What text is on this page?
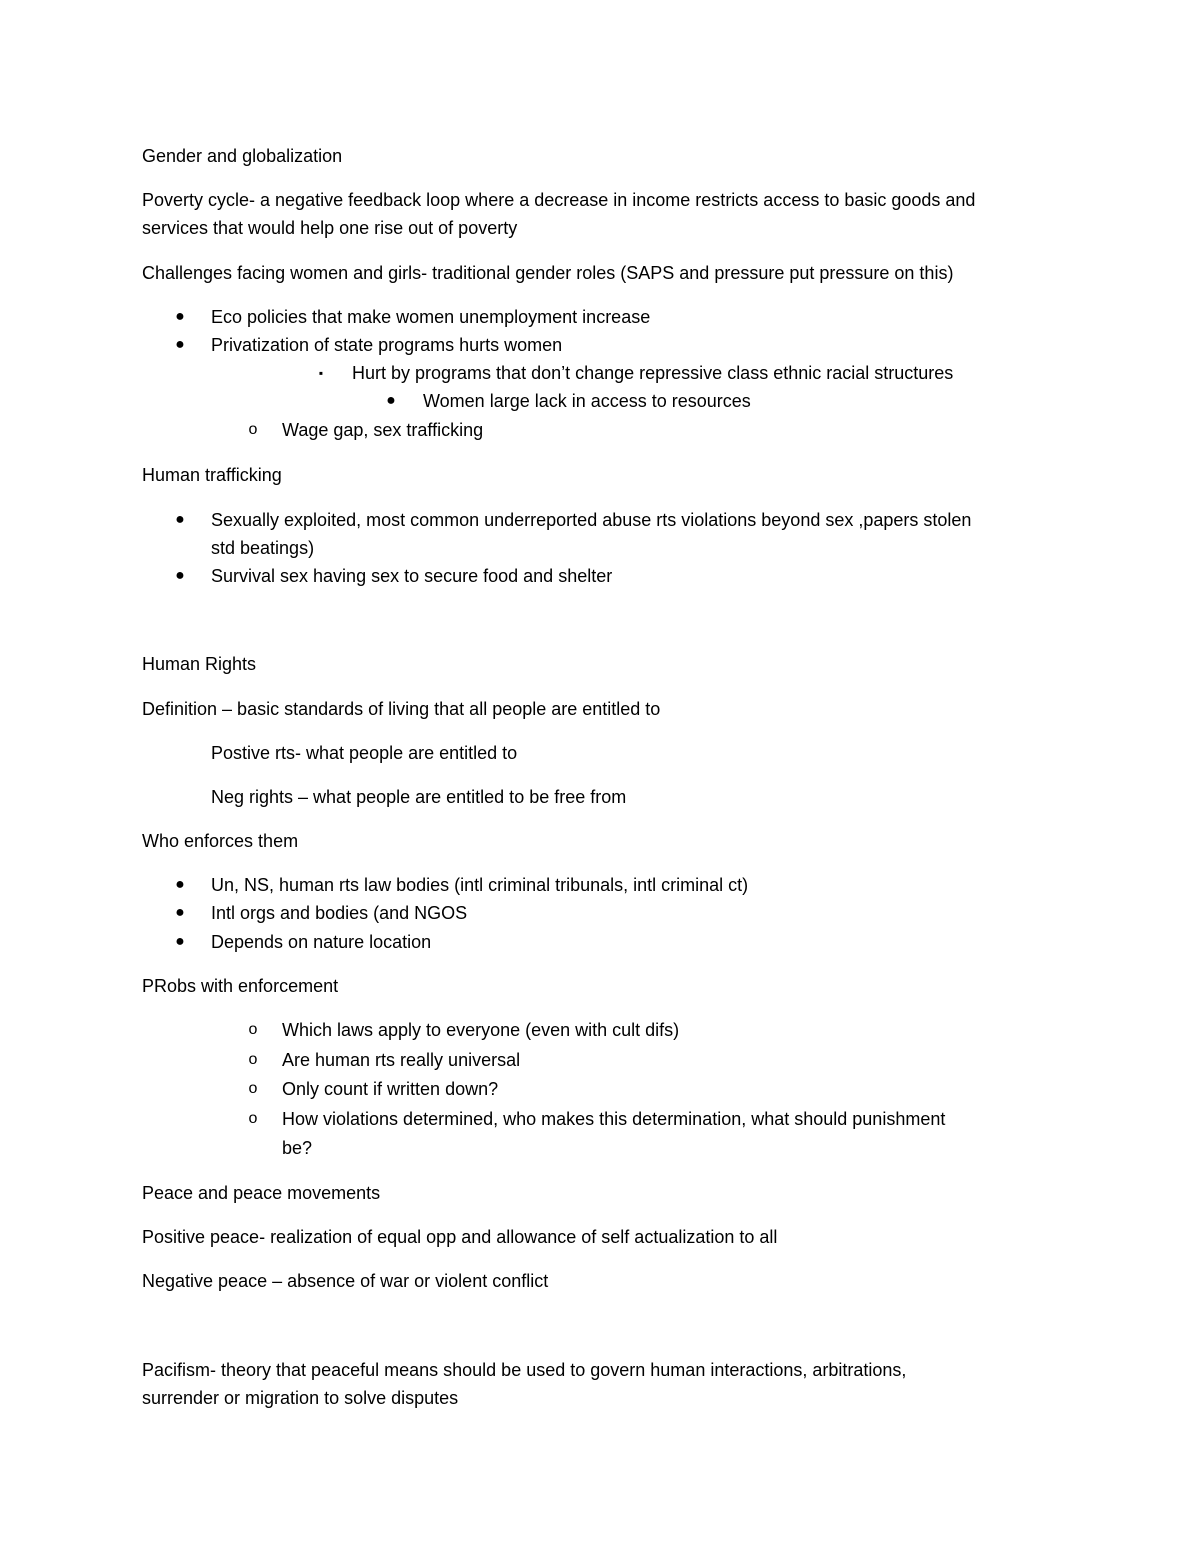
Gender and globalization
Poverty cycle- a negative feedback loop where a decrease in income restricts access to basic goods and
services that would help one rise out of poverty
Challenges facing women and girls- traditional gender roles (SAPS and pressure put pressure on this)
● Eco policies that make women unemployment increase
● Privatization of state programs hurts women
▪	Hurt by programs that don’t change repressive class ethnic racial structures
● Women large lack in access to resources
o	Wage gap, sex trafficking
Human trafficking
● Sexually exploited, most common underreported abuse rts violations beyond sex ,papers stolen
std beatings)
● Survival sex having sex to secure food and shelter
Human Rights
Definition – basic standards of living that all people are entitled to
Postive rts- what people are entitled to
Neg rights – what people are entitled to be free from
Who enforces them
● Un, NS, human rts law bodies (intl criminal tribunals, intl criminal ct)
● Intl orgs and bodies (and NGOS
● Depends on nature location
PRobs with enforcement
o	Which laws apply to everyone (even with cult difs)
o	Are human rts really universal
o	Only count if written down?
o	How violations determined, who makes this determination, what should punishment
be?
Peace and peace movements
Positive peace- realization of equal opp and allowance of self actualization to all
Negative peace – absence of war or violent conflict
Pacifism- theory that peaceful means should be used to govern human interactions, arbitrations,
surrender or migration to solve disputes
